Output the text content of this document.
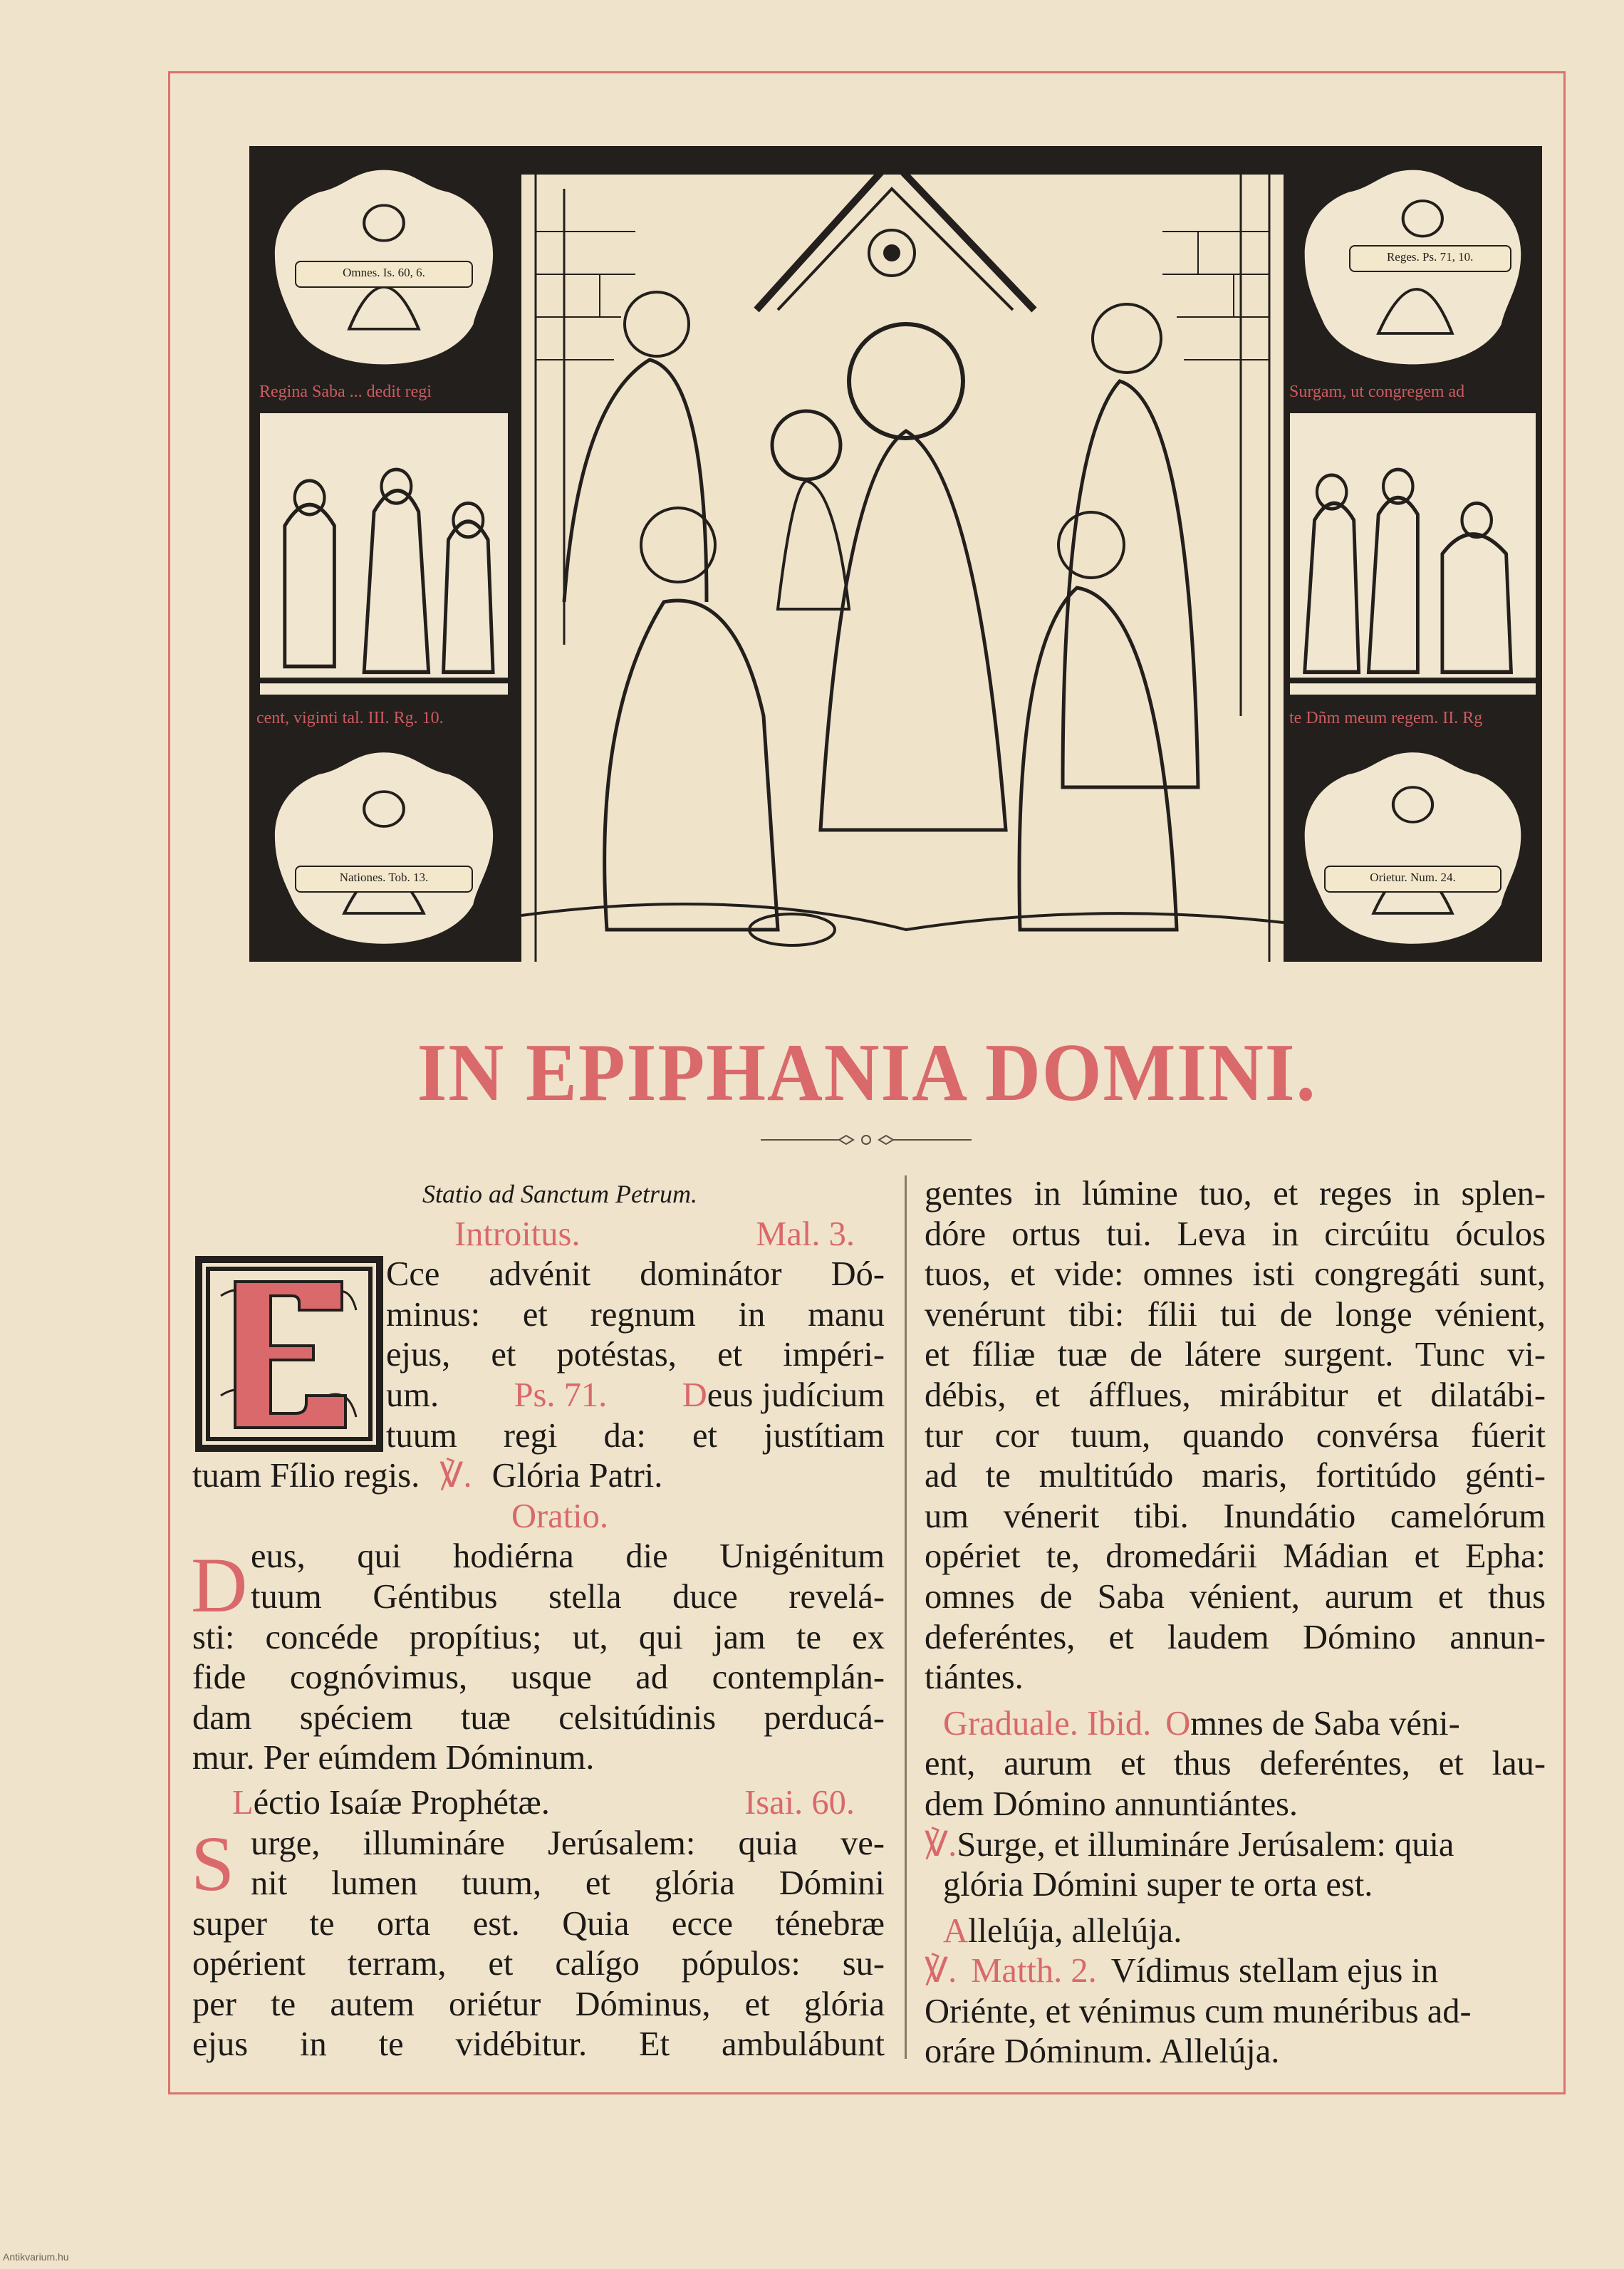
Omnes. Is. 60, 6.
Regina Saba ... dedit regi
cent, viginti tal. III. Rg. 10.
Nationes. Tob. 13.
Reges. Ps. 71, 10.
Surgam, ut congregem ad
te Dñm meum regem. II. Rg
Orietur. Num. 24.
IN EPIPHANIA DOMINI.
Statio ad Sanctum Petrum.
Introitus.	Mal. 3.
Cce advénit dominátor Dó-
minus: et regnum in manu
ejus, et potéstas, et impéri-
um. Ps. 71. Deus judícium
tuum regi da: et justítiam
tuam Fílio regis. ℣. Glória Patri.
Oratio.
eus, qui hodiérna die Unigénitum
tuum Géntibus stella duce revelá-
sti: concéde propítius; ut, qui jam te ex
fide cognóvimus, usque ad contemplán-
dam spéciem tuæ celsitúdinis perducá-
mur. Per eúmdem Dóminum.
Léctio Isaíæ Prophétæ.	Isai. 60.
urge, illumináre Jerúsalem: quia ve-
nit lumen tuum, et glória Dómini
super te orta est. Quia ecce ténebræ
opérient terram, et calígo pópulos: su-
per te autem oriétur Dóminus, et glória
ejus in te vidébitur. Et ambulábunt
D
S
gentes in lúmine tuo, et reges in splen-
dóre ortus tui. Leva in circúitu óculos
tuos, et vide: omnes isti congregáti sunt,
venérunt tibi: fílii tui de longe vénient,
et fíliæ tuæ de látere surgent. Tunc vi-
débis, et áfflues, mirábitur et dilatábi-
tur cor tuum, quando convérsa fúerit
ad te multitúdo maris, fortitúdo génti-
um vénerit tibi. Inundátio camelórum
opériet te, dromedárii Mádian et Epha:
omnes de Saba vénient, aurum et thus
deferéntes, et laudem Dómino annun-
tiántes.
Graduale. Ibid. Omnes de Saba véni-
ent, aurum et thus deferéntes, et lau-
dem Dómino annuntiántes.
℣.Surge, et illumináre Jerúsalem: quia
glória Dómini super te orta est.
Allelúja, allelúja.
℣. Matth. 2. Vídimus stellam ejus in
Oriénte, et vénimus cum munéribus ad-
oráre Dóminum. Allelúja.
Antikvarium.hu
